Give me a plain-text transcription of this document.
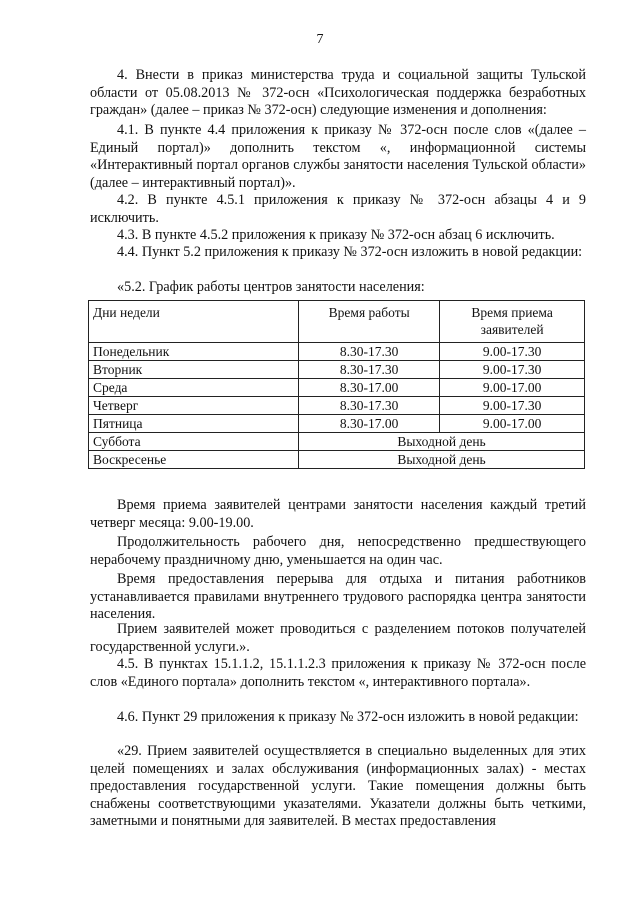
7
4. Внести в приказ министерства труда и социальной защиты Тульской области от 05.08.2013 № 372-осн «Психологическая поддержка безработных граждан» (далее – приказ № 372-осн) следующие изменения и дополнения:
4.1. В пункте 4.4 приложения к приказу № 372-осн после слов «(далее – Единый портал)» дополнить текстом «, информационной системы «Интерактивный портал органов службы занятости населения Тульской области» (далее – интерактивный портал)».
4.2. В пункте 4.5.1 приложения к приказу № 372-осн абзацы 4 и 9 исключить.
4.3. В пункте 4.5.2 приложения к приказу № 372-осн абзац 6 исключить.
4.4. Пункт 5.2 приложения к приказу № 372-осн изложить в новой редакции:
«5.2. График работы центров занятости населения:
Дни недели	Время работы	Время приема заявителей
Понедельник	8.30-17.30	9.00-17.30
Вторник	8.30-17.30	9.00-17.30
Среда	8.30-17.00	9.00-17.00
Четверг	8.30-17.30	9.00-17.30
Пятница	8.30-17.00	9.00-17.00
Суббота	Выходной день	
Воскресенье	Выходной день	
Время приема заявителей центрами занятости населения каждый третий четверг месяца: 9.00-19.00.
Продолжительность рабочего дня, непосредственно предшествующего нерабочему праздничному дню, уменьшается на один час.
Время предоставления перерыва для отдыха и питания работников устанавливается правилами внутреннего трудового распорядка центра занятости населения.
Прием заявителей может проводиться с разделением потоков получателей государственной услуги.».
4.5. В пунктах 15.1.1.2, 15.1.1.2.3 приложения к приказу № 372-осн после слов «Единого портала» дополнить текстом «, интерактивного портала».
4.6. Пункт 29 приложения к приказу № 372-осн изложить в новой редакции:
«29. Прием заявителей осуществляется в специально выделенных для этих целей помещениях и залах обслуживания (информационных залах) - местах предоставления государственной услуги. Такие помещения должны быть снабжены соответствующими указателями. Указатели должны быть четкими, заметными и понятными для заявителей. В местах предоставления
